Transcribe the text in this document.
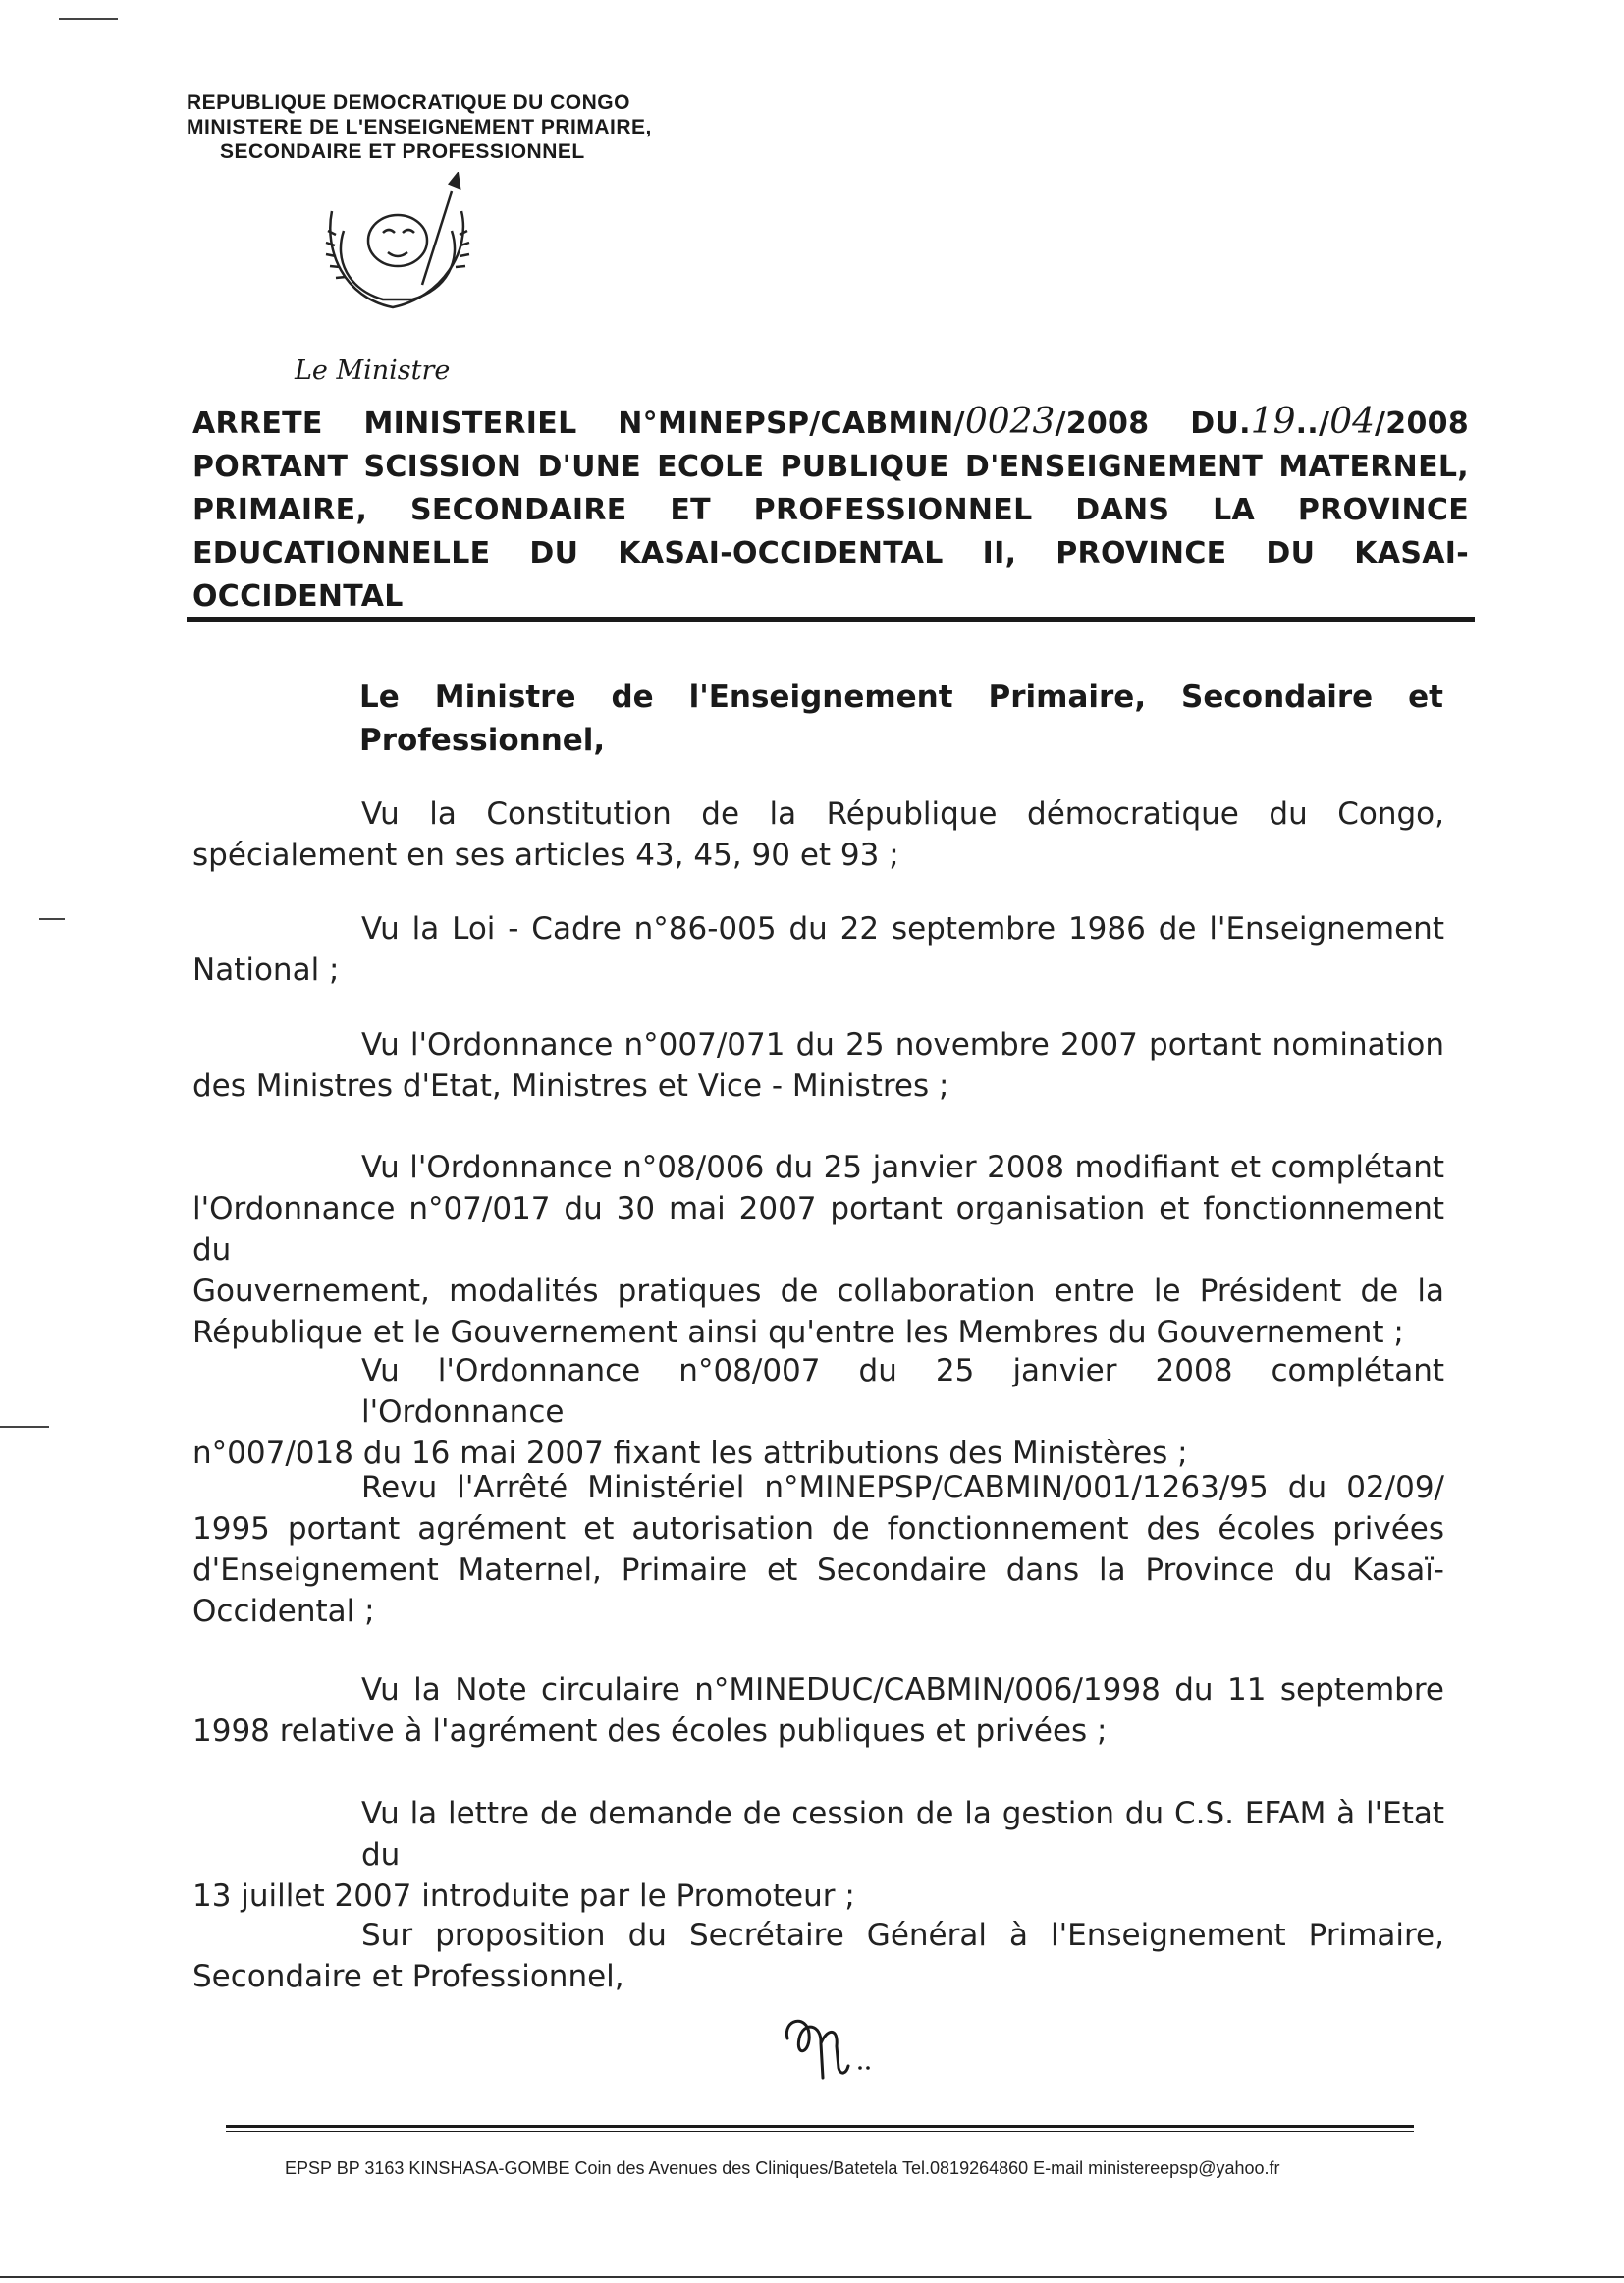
REPUBLIQUE DEMOCRATIQUE DU CONGO

MINISTERE DE L'ENSEIGNEMENT PRIMAIRE,

SECONDAIRE ET PROFESSIONNEL

Le Ministre
ARRETE MINISTERIEL N°MINEPSP/CABMIN/0023/2008 DU.19../04/2008
PORTANT SCISSION D'UNE ECOLE PUBLIQUE D'ENSEIGNEMENT MATERNEL,
PRIMAIRE, SECONDAIRE ET PROFESSIONNEL DANS LA PROVINCE
EDUCATIONNELLE DU KASAI-OCCIDENTAL II, PROVINCE DU KASAI-
OCCIDENTAL
Le Ministre de l'Enseignement Primaire, Secondaire et
Professionnel,

Vu la Constitution de la République démocratique du Congo,

spécialement en ses articles 43, 45, 90 et 93 ;

Vu la Loi - Cadre n°86-005 du 22 septembre 1986 de l'Enseignement

National ;

Vu l'Ordonnance n°007/071 du 25 novembre 2007 portant nomination

des Ministres d'Etat, Ministres et Vice - Ministres ;

Vu l'Ordonnance n°08/006 du 25 janvier 2008 modifiant et complétant

l'Ordonnance n°07/017 du 30 mai 2007 portant organisation et fonctionnement du

Gouvernement, modalités pratiques de collaboration entre le Président de la

République et le Gouvernement ainsi qu'entre les Membres du Gouvernement ;

Vu l'Ordonnance n°08/007 du 25 janvier 2008 complétant l'Ordonnance

n°007/018 du 16 mai 2007 fixant les attributions des Ministères ;

Revu l'Arrêté Ministériel n°MINEPSP/CABMIN/001/1263/95 du 02/09/

1995 portant agrément et autorisation de fonctionnement des écoles privées

d'Enseignement Maternel, Primaire et Secondaire dans la Province du Kasaï-

Occidental ;

Vu la Note circulaire n°MINEDUC/CABMIN/006/1998 du 11 septembre

1998 relative à l'agrément des écoles publiques et privées ;

Vu la lettre de demande de cession de la gestion du C.S. EFAM à l'Etat du

13 juillet 2007 introduite par le Promoteur ;

Sur proposition du Secrétaire Général à l'Enseignement Primaire,

Secondaire et Professionnel,

EPSP BP 3163 KINSHASA-GOMBE Coin des Avenues des Cliniques/Batetela Tel.0819264860 E-mail ministereepsp@yahoo.fr
